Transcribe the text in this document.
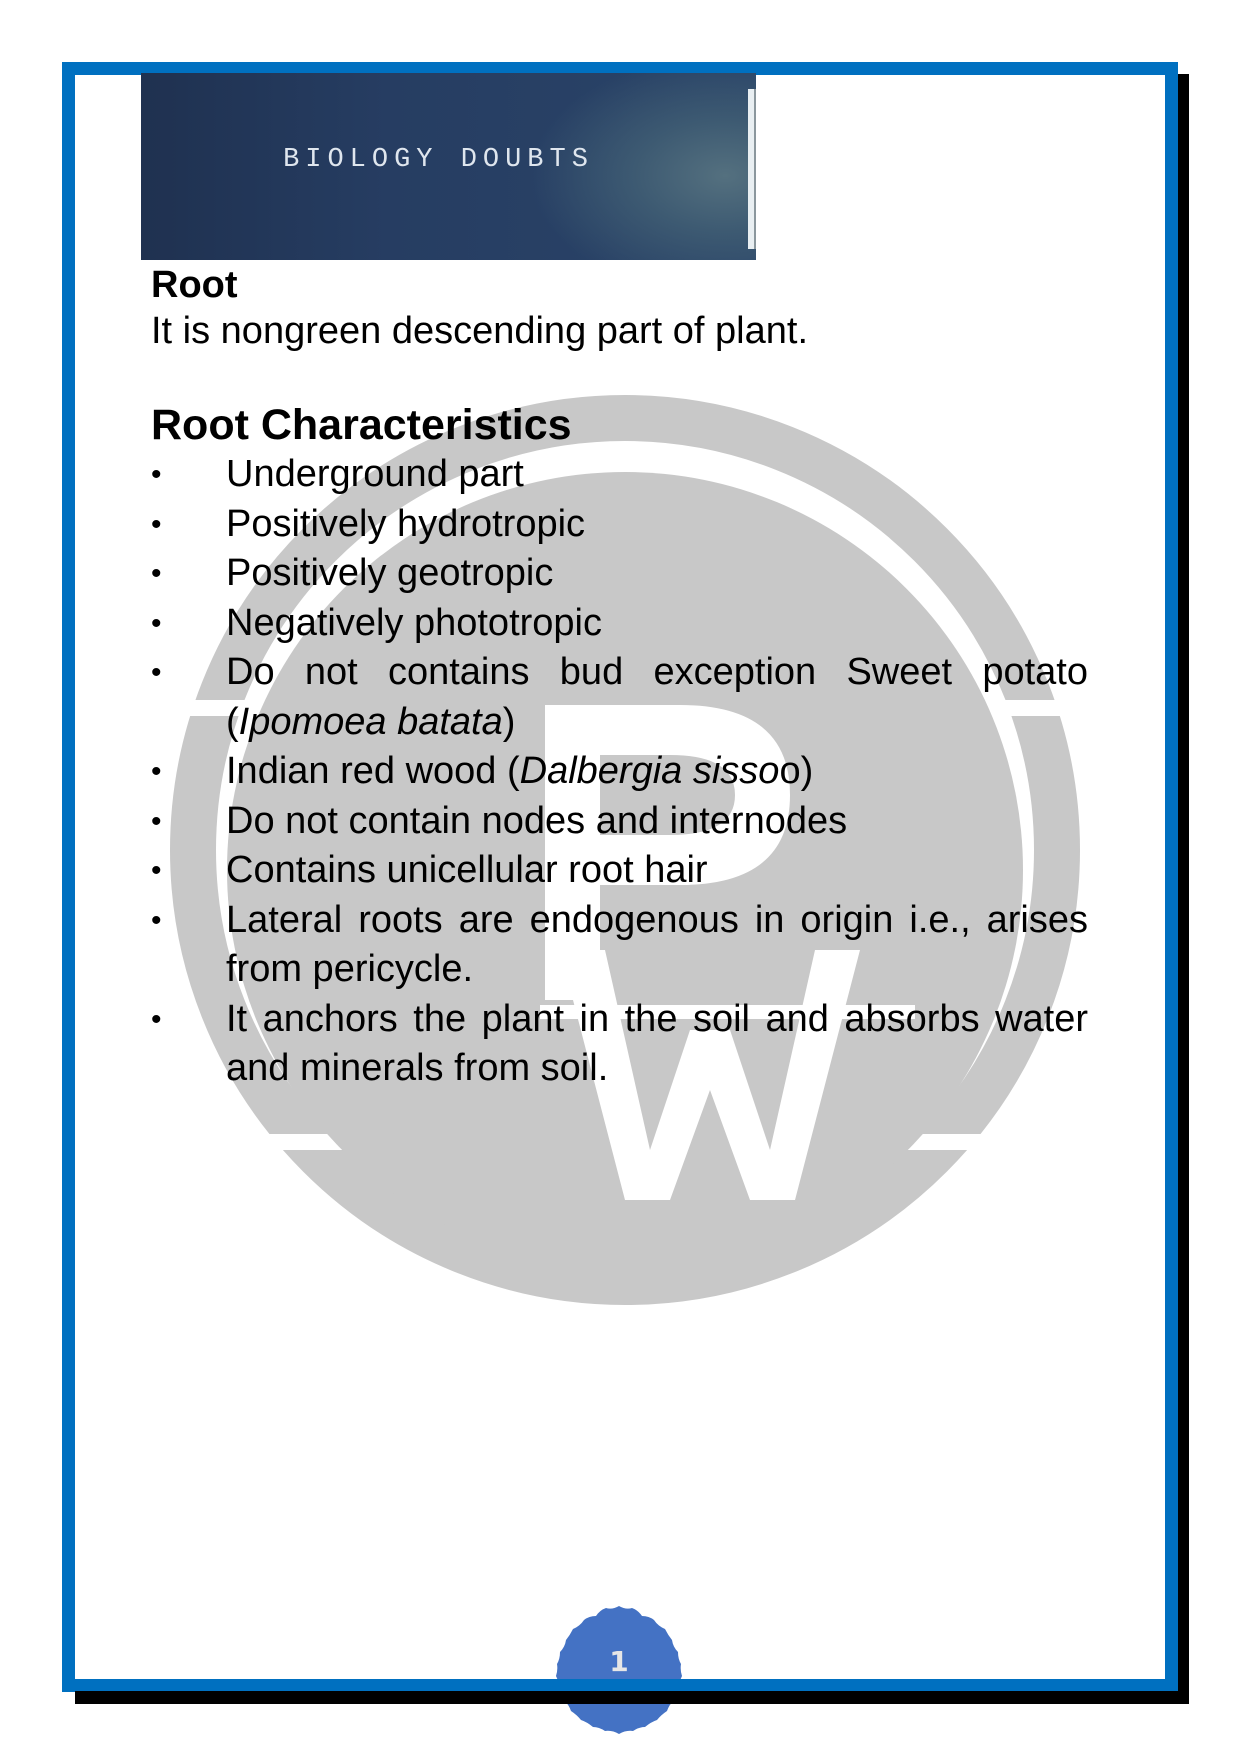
BIOLOGY DOUBTS
Root

It is nongreen descending part of plant.

Root Characteristics
• Underground part
• Positively hydrotropic
• Positively geotropic
• Negatively phototropic
• Do not contains bud exception Sweet potato (Ipomoea batata)
• Indian red wood (Dalbergia sissoo)
• Do not contain nodes and internodes
• Contains unicellular root hair
• Lateral roots are endogenous in origin i.e., arises from pericycle.
• It anchors the plant in the soil and absorbs water and minerals from soil.
1
